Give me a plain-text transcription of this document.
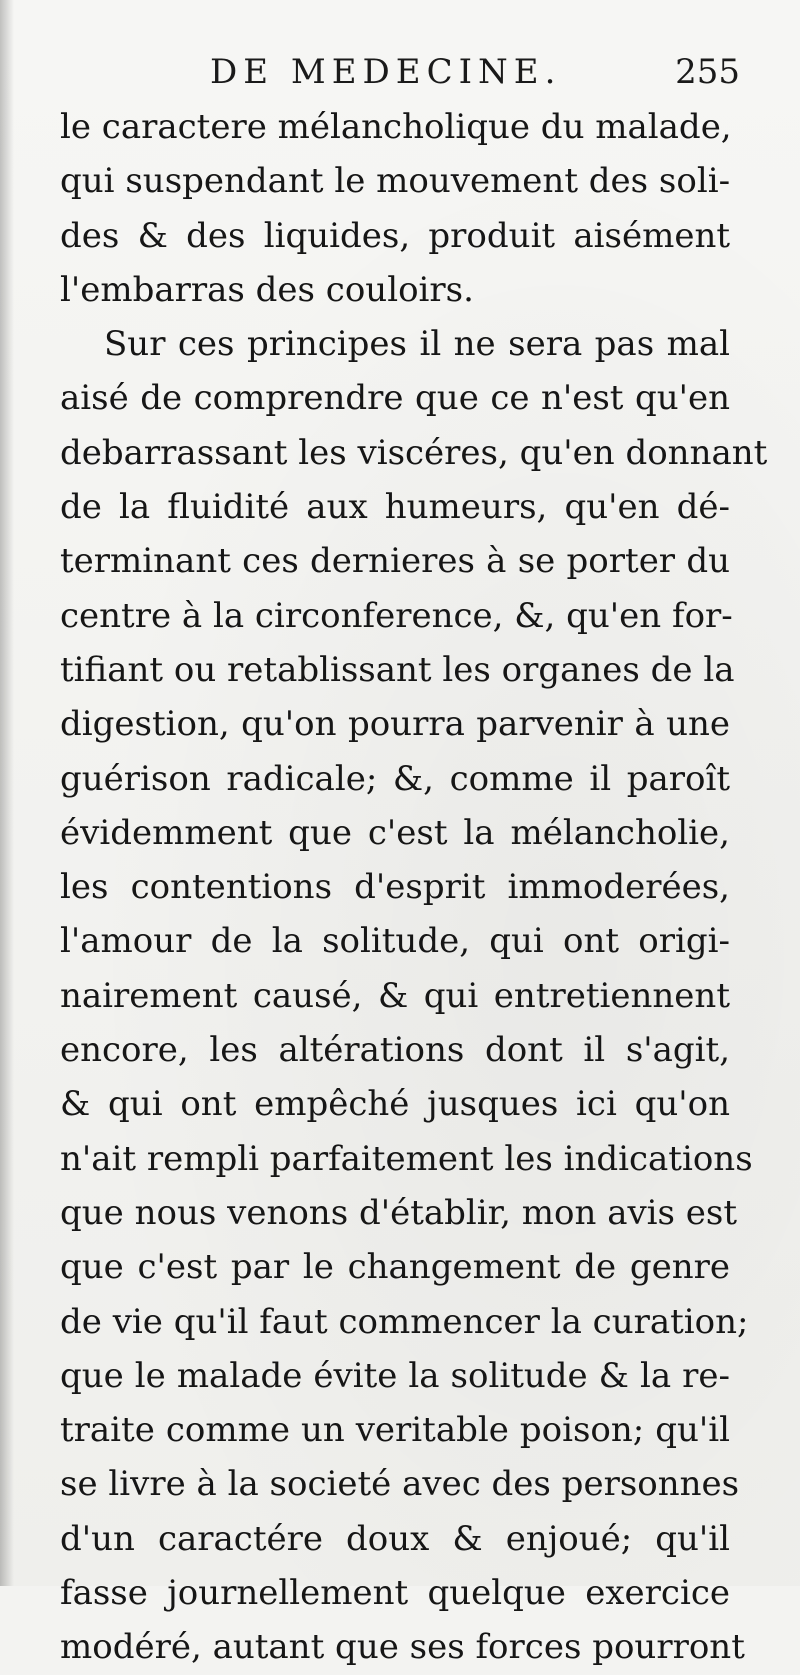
DE MEDECINE.	255
le caractere mélancholique du malade,
qui suspendant le mouvement des soli-
des & des liquides, produit aisément
l'embarras des couloirs.
Sur ces principes il ne sera pas mal
aisé de comprendre que ce n'est qu'en
debarrassant les viscéres, qu'en donnant
de la fluidité aux humeurs, qu'en dé-
terminant ces dernieres à se porter du
centre à la circonference, &, qu'en for-
tifiant ou retablissant les organes de la
digestion, qu'on pourra parvenir à une
guérison radicale; &, comme il paroît
évidemment que c'est la mélancholie,
les contentions d'esprit immoderées,
l'amour de la solitude, qui ont origi-
nairement causé, & qui entretiennent
encore, les altérations dont il s'agit,
& qui ont empêché jusques ici qu'on
n'ait rempli parfaitement les indications
que nous venons d'établir, mon avis est
que c'est par le changement de genre
de vie qu'il faut commencer la curation;
que le malade évite la solitude & la re-
traite comme un veritable poison; qu'il
se livre à la societé avec des personnes
d'un caractére doux & enjoué; qu'il
fasse journellement quelque exercice
modéré, autant que ses forces pourront
